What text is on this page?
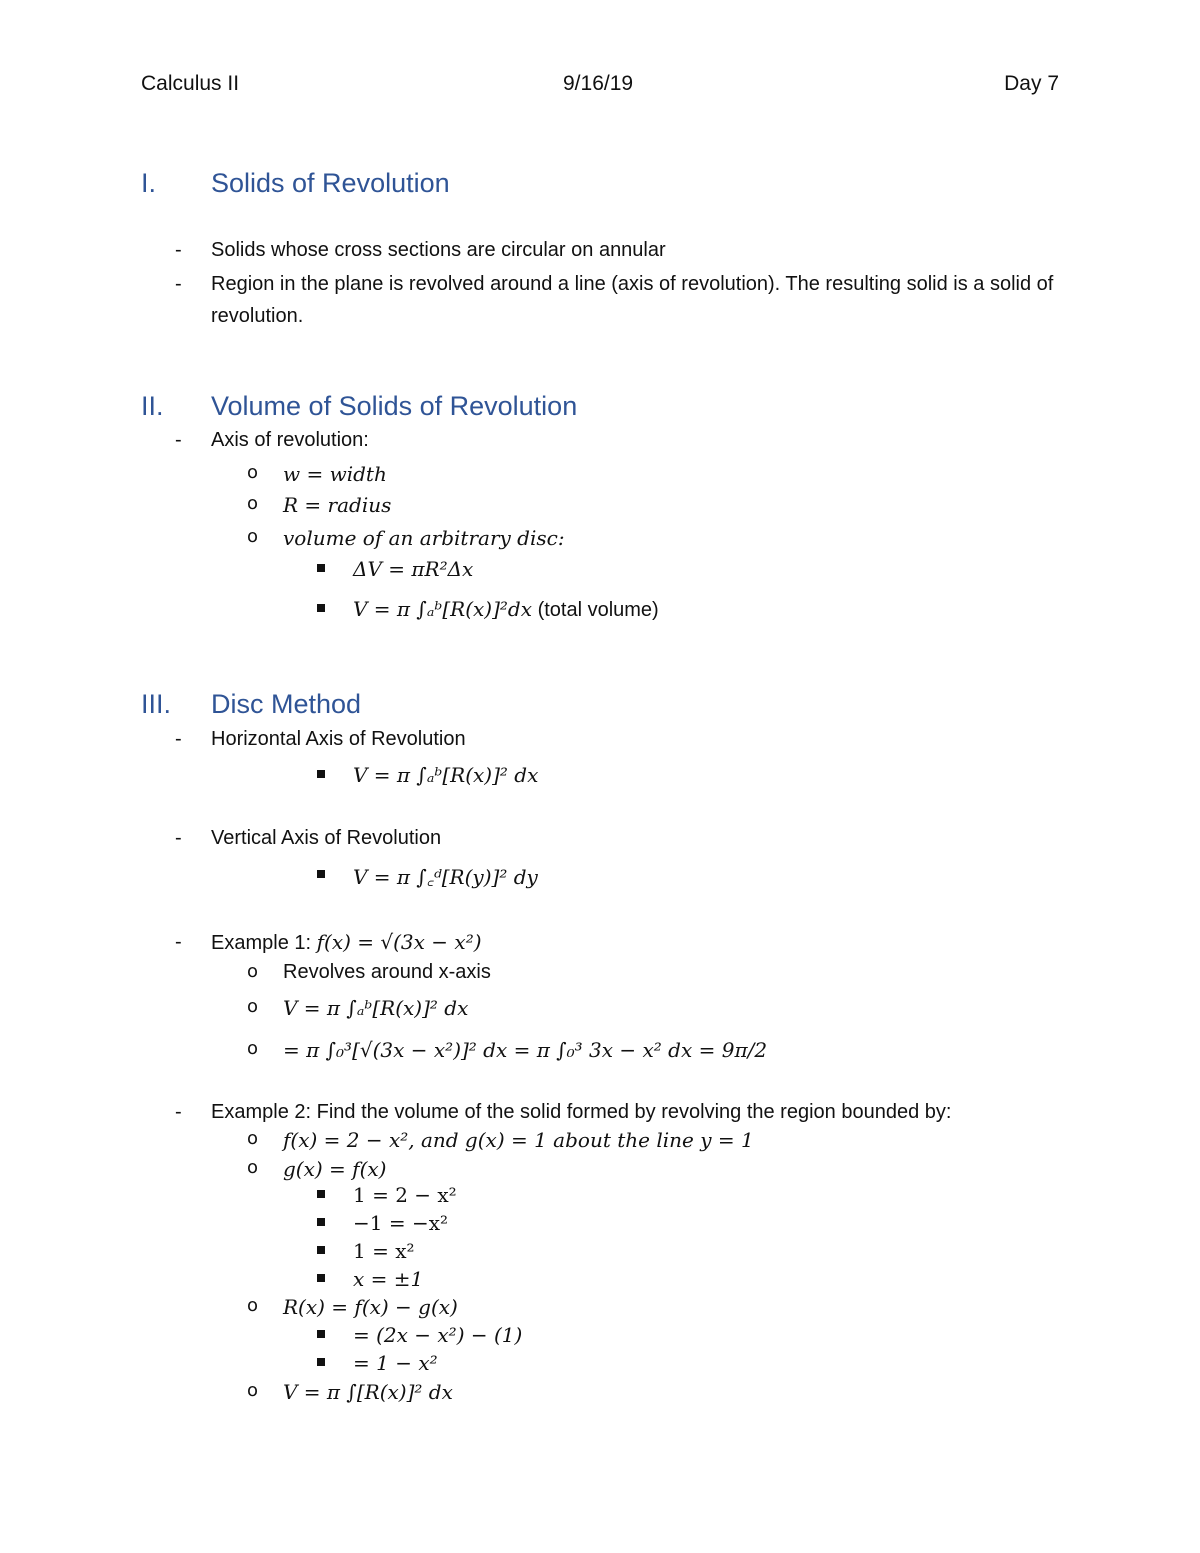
Calculus II	9/16/19	Day 7
I. Solids of Revolution
- Solids whose cross sections are circular on annular
- Region in the plane is revolved around a line (axis of revolution). The resulting solid is a solid of revolution.
II. Volume of Solids of Revolution
- Axis of revolution:
o w = width
o R = radius
o volume of an arbitrary disc:
ΔV = πR²Δx
V = π ∫ₐᵇ[R(x)]²dx (total volume)
III. Disc Method
- Horizontal Axis of Revolution
V = π ∫ₐᵇ[R(x)]² dx
- Vertical Axis of Revolution
V = π ∫꜀ᵈ[R(y)]² dy
- Example 1: f(x) = √(3x − x²)
o Revolves around x-axis
o V = π ∫ₐᵇ[R(x)]² dx
o = π ∫₀³[√(3x − x²)]² dx = π ∫₀³ 3x − x² dx = 9π/2
- Example 2: Find the volume of the solid formed by revolving the region bounded by:
o f(x) = 2 − x², and g(x) = 1 about the line y = 1
o g(x) = f(x)
1 = 2 − x²
−1 = −x²
1 = x²
x = ±1
o R(x) = f(x) − g(x)
= (2x − x²) − (1)
= 1 − x²
o V = π ∫[R(x)]² dx
